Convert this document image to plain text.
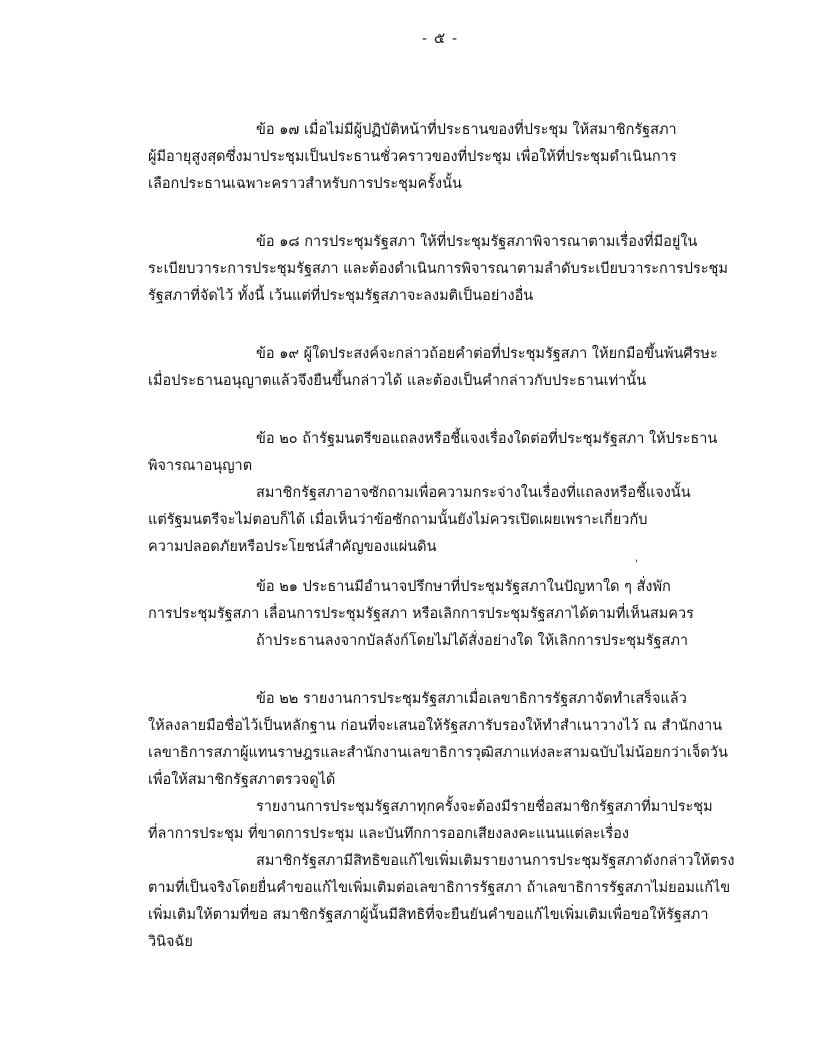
- ๕ -
ข้อ ๑๗ เมื่อไม่มีผู้ปฏิบัติหน้าที่ประธานของที่ประชุม ให้สมาชิกรัฐสภา
ผู้มีอายุสูงสุดซึ่งมาประชุมเป็นประธานชั่วคราวของที่ประชุม เพื่อให้ที่ประชุมดำเนินการ
เลือกประธานเฉพาะคราวสำหรับการประชุมครั้งนั้น
ข้อ ๑๘ การประชุมรัฐสภา ให้ที่ประชุมรัฐสภาพิจารณาตามเรื่องที่มีอยู่ใน
ระเบียบวาระการประชุมรัฐสภา และต้องดำเนินการพิจารณาตามลำดับระเบียบวาระการประชุม
รัฐสภาที่จัดไว้ ทั้งนี้ เว้นแต่ที่ประชุมรัฐสภาจะลงมติเป็นอย่างอื่น
ข้อ ๑๙ ผู้ใดประสงค์จะกล่าวถ้อยคำต่อที่ประชุมรัฐสภา ให้ยกมือขึ้นพ้นศีรษะ
เมื่อประธานอนุญาตแล้วจึงยืนขึ้นกล่าวได้ และต้องเป็นคำกล่าวกับประธานเท่านั้น
ข้อ ๒๐ ถ้ารัฐมนตรีขอแถลงหรือชี้แจงเรื่องใดต่อที่ประชุมรัฐสภา ให้ประธาน
พิจารณาอนุญาต
สมาชิกรัฐสภาอาจซักถามเพื่อความกระจ่างในเรื่องที่แถลงหรือชี้แจงนั้น
แต่รัฐมนตรีจะไม่ตอบก็ได้ เมื่อเห็นว่าข้อซักถามนั้นยังไม่ควรเปิดเผยเพราะเกี่ยวกับ
ความปลอดภัยหรือประโยชน์สำคัญของแผ่นดิน
'
ข้อ ๒๑ ประธานมีอำนาจปรึกษาที่ประชุมรัฐสภาในปัญหาใด ๆ สั่งพัก
การประชุมรัฐสภา เลื่อนการประชุมรัฐสภา หรือเลิกการประชุมรัฐสภาได้ตามที่เห็นสมควร
ถ้าประธานลงจากบัลลังก์โดยไม่ได้สั่งอย่างใด ให้เลิกการประชุมรัฐสภา
ข้อ ๒๒ รายงานการประชุมรัฐสภาเมื่อเลขาธิการรัฐสภาจัดทำเสร็จแล้ว
ให้ลงลายมือชื่อไว้เป็นหลักฐาน ก่อนที่จะเสนอให้รัฐสภารับรองให้ทำสำเนาวางไว้ ณ สำนักงาน
เลขาธิการสภาผู้แทนราษฎรและสำนักงานเลขาธิการวุฒิสภาแห่งละสามฉบับไม่น้อยกว่าเจ็ดวัน
เพื่อให้สมาชิกรัฐสภาตรวจดูได้
รายงานการประชุมรัฐสภาทุกครั้งจะต้องมีรายชื่อสมาชิกรัฐสภาที่มาประชุม
ที่ลาการประชุม ที่ขาดการประชุม และบันทึกการออกเสียงลงคะแนนแต่ละเรื่อง
สมาชิกรัฐสภามีสิทธิขอแก้ไขเพิ่มเติมรายงานการประชุมรัฐสภาดังกล่าวให้ตรง
ตามที่เป็นจริงโดยยื่นคำขอแก้ไขเพิ่มเติมต่อเลขาธิการรัฐสภา ถ้าเลขาธิการรัฐสภาไม่ยอมแก้ไข
เพิ่มเติมให้ตามที่ขอ สมาชิกรัฐสภาผู้นั้นมีสิทธิที่จะยืนยันคำขอแก้ไขเพิ่มเติมเพื่อขอให้รัฐสภา
วินิจฉัย
